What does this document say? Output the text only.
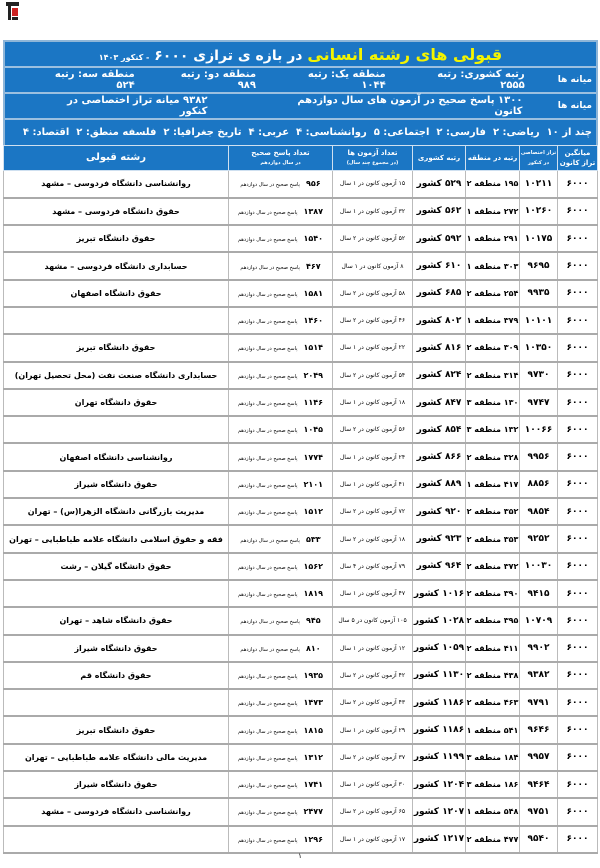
قبولی های رشته انسانی در بازه ی ترازی ۶۰۰۰ - کنکور ۱۴۰۳
میانه ها
رتبه کشوری: رتبه ۲۵۵۵
منطقه یک: رتبه ۱۰۴۴
منطقه دو: رتبه ۹۸۹
منطقه سه: رتبه ۵۲۴
میانه ها
۱۳۰۰ پاسخ صحیح در آزمون های سال دوازدهم کانون
۹۳۸۲ میانه تراز اختصاصی در کنکور
چند از ۱۰  ریاضی: ۲  فارسی: ۲  اجتماعی: ۵  روانشناسی: ۴  عربی: ۴  تاریخ جغرافیا: ۲  فلسفه منطق: ۲  اقتصاد: ۴
میانگین تراز کانون	تراز اختصاصی در کنکور	رتبه در منطقه	رتبه کشوری	تعداد آزمون ها
(در مجموع چند سال)	تعداد پاسخ صحیح
در سال دوازدهم	رشته قبولی
۶۰۰۰	۱۰۲۱۱	۱۹۵ منطقه ۲	۵۲۹ کشور	۱۵ آزمون کانون در ۱ سال	۹۵۶پاسخ صحیح در سال دوازدهم	روانشناسی دانشگاه فردوسی – مشهد
۶۰۰۰	۱۰۲۶۰	۲۷۲ منطقه ۱	۵۶۲ کشور	۳۲ آزمون کانون در ۱ سال	۱۳۸۷پاسخ صحیح در سال دوازدهم	حقوق دانشگاه فردوسی – مشهد
۶۰۰۰	۱۰۱۷۵	۲۹۱ منطقه ۱	۵۹۲ کشور	۵۲ آزمون کانون در ۲ سال	۱۵۴۰پاسخ صحیح در سال دوازدهم	حقوق دانشگاه تبریز
۶۰۰۰	۹۶۹۵	۳۰۳ منطقه ۱	۶۱۰ کشور	۸ آزمون کانون در ۱ سال	۴۶۷پاسخ صحیح در سال دوازدهم	حسابداری دانشگاه فردوسی – مشهد
۶۰۰۰	۹۹۳۵	۲۵۴ منطقه ۲	۶۸۵ کشور	۵۸ آزمون کانون در ۲ سال	۱۵۸۱پاسخ صحیح در سال دوازدهم	حقوق دانشگاه اصفهان
۶۰۰۰	۱۰۱۰۱	۳۷۹ منطقه ۱	۸۰۲ کشور	۴۶ آزمون کانون در ۲ سال	۱۴۶۰پاسخ صحیح در سال دوازدهم	
۶۰۰۰	۱۰۳۵۰	۳۰۹ منطقه ۲	۸۱۶ کشور	۲۲ آزمون کانون در ۱ سال	۱۵۱۴پاسخ صحیح در سال دوازدهم	حقوق دانشگاه تبریز
۶۰۰۰	۹۷۳۰	۳۱۴ منطقه ۲	۸۲۴ کشور	۵۴ آزمون کانون در ۲ سال	۲۰۴۹پاسخ صحیح در سال دوازدهم	حسابداری دانشگاه صنعت نفت (محل تحصیل تهران)
۶۰۰۰	۹۷۴۷	۱۳۰ منطقه ۳	۸۴۷ کشور	۱۸ آزمون کانون در ۱ سال	۱۱۴۶پاسخ صحیح در سال دوازدهم	حقوق دانشگاه تهران
۶۰۰۰	۱۰۰۶۶	۱۳۲ منطقه ۳	۸۵۴ کشور	۵۶ آزمون کانون در ۲ سال	۱۰۴۵پاسخ صحیح در سال دوازدهم	
۶۰۰۰	۹۹۵۶	۳۲۸ منطقه ۲	۸۶۶ کشور	۲۴ آزمون کانون در ۱ سال	۱۷۷۴پاسخ صحیح در سال دوازدهم	روانشناسی دانشگاه اصفهان
۶۰۰۰	۸۸۵۶	۴۱۷ منطقه ۱	۸۸۹ کشور	۴۱ آزمون کانون در ۱ سال	۲۱۰۱پاسخ صحیح در سال دوازدهم	حقوق دانشگاه شیراز
۶۰۰۰	۹۸۵۴	۳۵۲ منطقه ۲	۹۲۰ کشور	۷۲ آزمون کانون در ۲ سال	۱۵۱۲پاسخ صحیح در سال دوازدهم	مدیریت بازرگانی دانشگاه الزهرا(س) – تهران
۶۰۰۰	۹۲۵۲	۳۵۳ منطقه ۲	۹۲۳ کشور	۱۸ آزمون کانون در ۲ سال	۵۳۳پاسخ صحیح در سال دوازدهم	فقه و حقوق اسلامی دانشگاه علامه طباطبایی – تهران
۶۰۰۰	۱۰۰۳۰	۳۷۲ منطقه ۲	۹۶۴ کشور	۷۹ آزمون کانون در ۴ سال	۱۵۶۲پاسخ صحیح در سال دوازدهم	حقوق دانشگاه گیلان – رشت
۶۰۰۰	۹۴۱۵	۳۹۰ منطقه ۲	۱۰۱۶ کشور	۴۷ آزمون کانون در ۱ سال	۱۸۱۹پاسخ صحیح در سال دوازدهم	
۶۰۰۰	۱۰۷۰۹	۳۹۵ منطقه ۲	۱۰۲۸ کشور	۱۰۵ آزمون کانون در ۵ سال	۹۴۵پاسخ صحیح در سال دوازدهم	حقوق دانشگاه شاهد – تهران
۶۰۰۰	۹۹۰۲	۴۱۱ منطقه ۲	۱۰۵۹ کشور	۱۲ آزمون کانون در ۱ سال	۸۱۰پاسخ صحیح در سال دوازدهم	حقوق دانشگاه شیراز
۶۰۰۰	۹۳۸۲	۴۳۸ منطقه ۲	۱۱۳۰ کشور	۴۲ آزمون کانون در ۲ سال	۱۹۳۵پاسخ صحیح در سال دوازدهم	حقوق دانشگاه قم
۶۰۰۰	۹۷۹۱	۴۶۳ منطقه ۲	۱۱۸۶ کشور	۴۳ آزمون کانون در ۲ سال	۱۴۷۳پاسخ صحیح در سال دوازدهم	
۶۰۰۰	۹۶۴۶	۵۴۱ منطقه ۱	۱۱۸۶ کشور	۲۹ آزمون کانون در ۱ سال	۱۸۱۵پاسخ صحیح در سال دوازدهم	حقوق دانشگاه تبریز
۶۰۰۰	۹۹۵۷	۱۸۴ منطقه ۳	۱۱۹۹ کشور	۳۷ آزمون کانون در ۲ سال	۱۳۱۲پاسخ صحیح در سال دوازدهم	مدیریت مالی دانشگاه علامه طباطبایی – تهران
۶۰۰۰	۹۴۶۴	۱۸۶ منطقه ۳	۱۲۰۴ کشور	۳۰ آزمون کانون در ۱ سال	۱۷۴۱پاسخ صحیح در سال دوازدهم	حقوق دانشگاه شیراز
۶۰۰۰	۹۷۵۱	۵۴۸ منطقه ۱	۱۲۰۷ کشور	۶۵ آزمون کانون در ۲ سال	۲۴۷۷پاسخ صحیح در سال دوازدهم	روانشناسی دانشگاه فردوسی – مشهد
۶۰۰۰	۹۵۴۰	۴۷۷ منطقه ۲	۱۲۱۷ کشور	۱۷ آزمون کانون در ۱ سال	۱۲۹۶پاسخ صحیح در سال دوازدهم	
۱
